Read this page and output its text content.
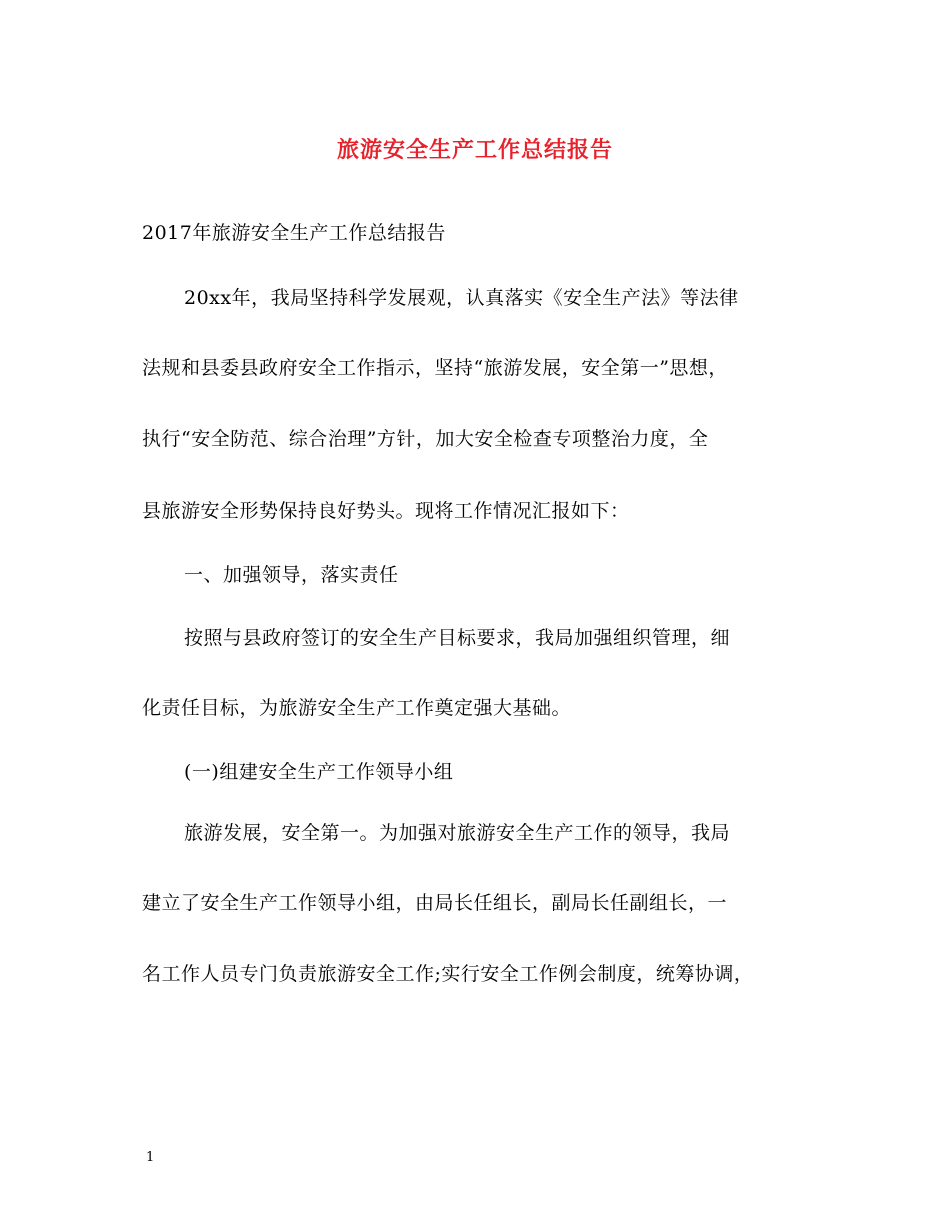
旅游安全生产工作总结报告
2017年旅游安全生产工作总结报告
20xx年，我局坚持科学发展观，认真落实《安全生产法》等法律
法规和县委县政府安全工作指示，坚持“旅游发展，安全第一”思想，
执行“安全防范、综合治理”方针，加大安全检查专项整治力度，全
县旅游安全形势保持良好势头。现将工作情况汇报如下：
一、加强领导，落实责任
按照与县政府签订的安全生产目标要求，我局加强组织管理，细
化责任目标，为旅游安全生产工作奠定强大基础。
(一)组建安全生产工作领导小组
旅游发展，安全第一。为加强对旅游安全生产工作的领导，我局
建立了安全生产工作领导小组，由局长任组长，副局长任副组长，一
名工作人员专门负责旅游安全工作;实行安全工作例会制度，统筹协调，
1
